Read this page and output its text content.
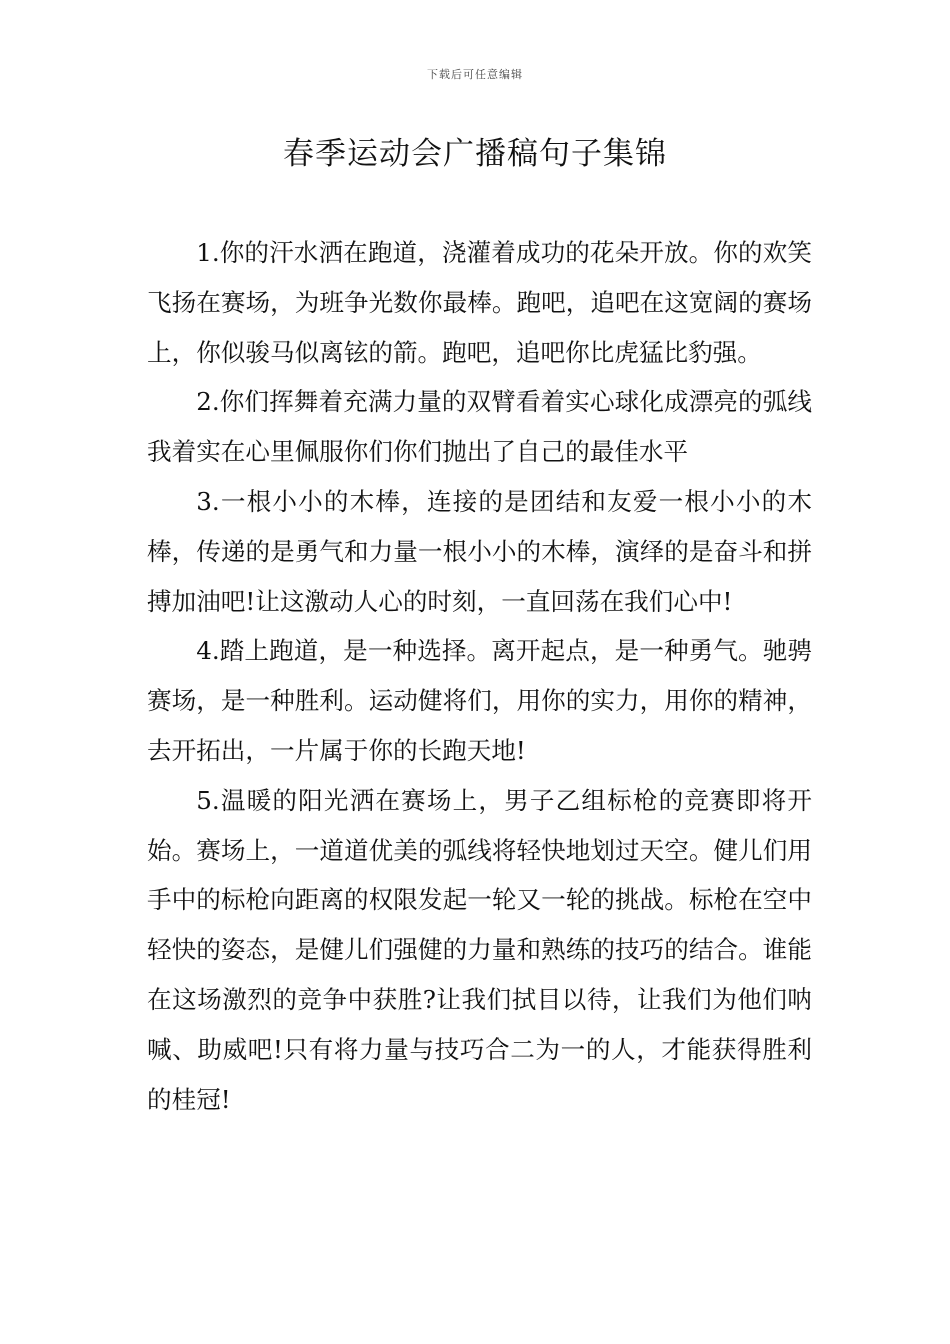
下载后可任意编辑
春季运动会广播稿句子集锦

1.你的汗水洒在跑道，浇灌着成功的花朵开放。你的欢笑飞扬在赛场，为班争光数你最棒。跑吧，追吧在这宽阔的赛场上，你似骏马似离铉的箭。跑吧，追吧你比虎猛比豹强。

2.你们挥舞着充满力量的双臂看着实心球化成漂亮的弧线我着实在心里佩服你们你们抛出了自己的最佳水平

3.一根小小的木棒，连接的是团结和友爱一根小小的木棒，传递的是勇气和力量一根小小的木棒，演绎的是奋斗和拼搏加油吧!让这激动人心的时刻，一直回荡在我们心中!

4.踏上跑道，是一种选择。离开起点，是一种勇气。驰骋赛场，是一种胜利。运动健将们，用你的实力，用你的精神，去开拓出，一片属于你的长跑天地!

5.温暖的阳光洒在赛场上，男子乙组标枪的竞赛即将开始。赛场上，一道道优美的弧线将轻快地划过天空。健儿们用手中的标枪向距离的权限发起一轮又一轮的挑战。标枪在空中轻快的姿态，是健儿们强健的力量和熟练的技巧的结合。谁能在这场激烈的竞争中获胜?让我们拭目以待，让我们为他们呐喊、助威吧!只有将力量与技巧合二为一的人，才能获得胜利的桂冠!
